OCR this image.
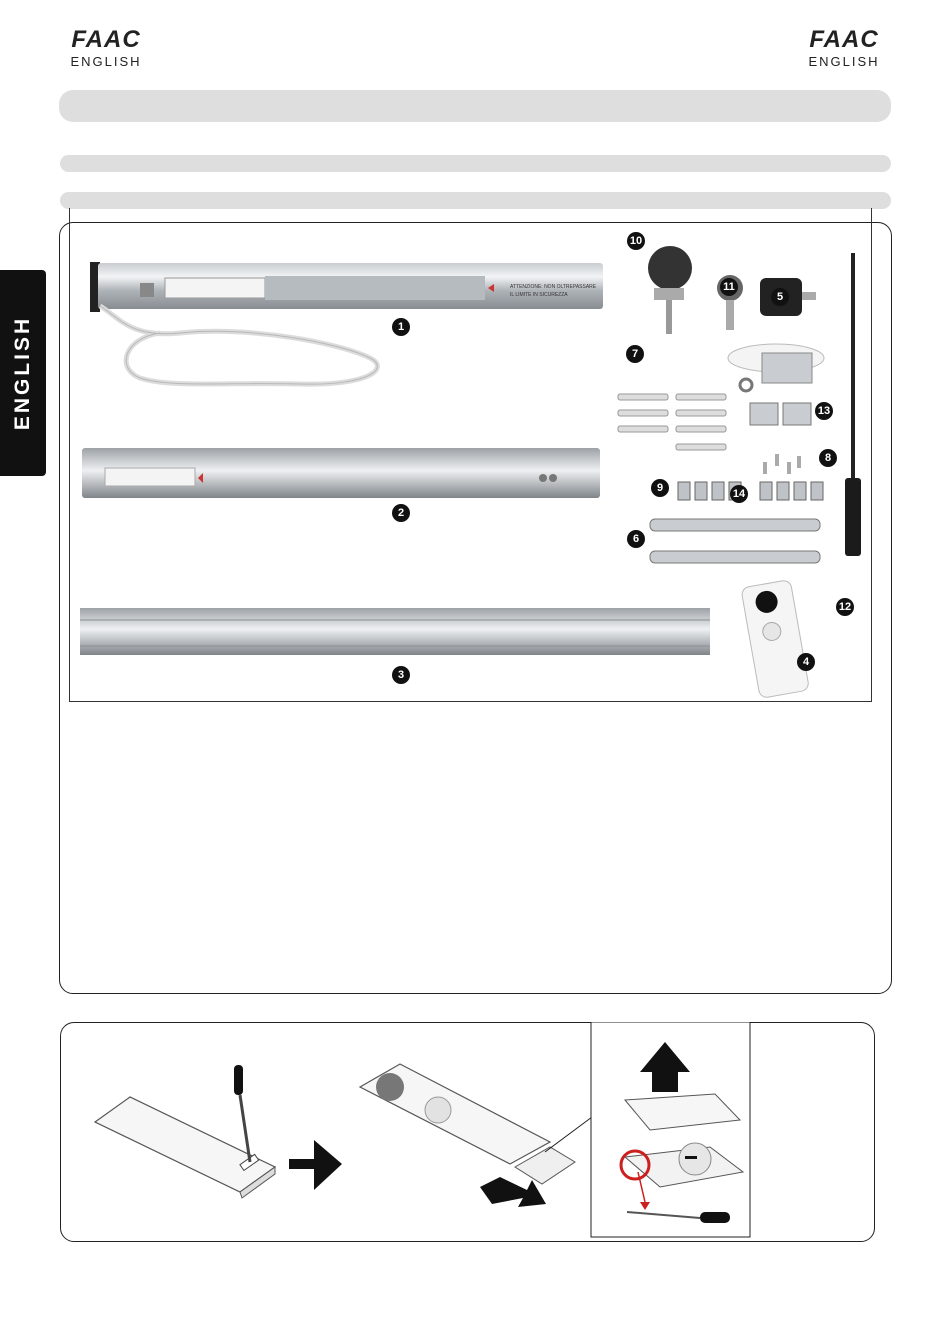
FAAC
ENGLISH
FAAC
ENGLISH
ENGLISH
ATTENZIONE: NON OLTREPASSARE
IL LIMITE IN SICUREZZA
1
2
3
4
5
6
7
8
9
10
11
12
13
14
